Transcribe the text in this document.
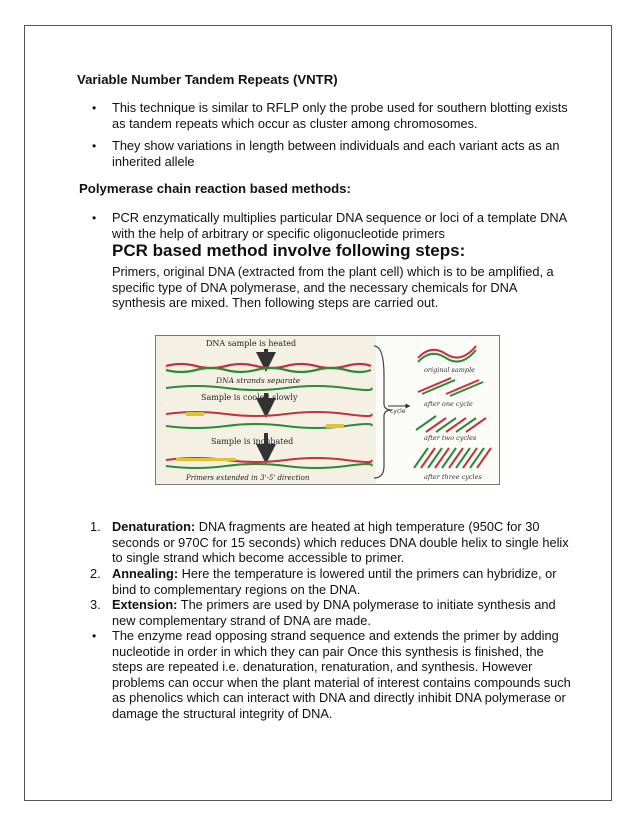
Variable Number Tandem Repeats (VNTR)
• This technique is similar to RFLP only the probe used for southern blotting exists as tandem repeats which occur as cluster among chromosomes.
• They show variations in length between individuals and each variant acts as an inherited allele
Polymerase chain reaction based methods:
• PCR enzymatically multiplies particular DNA sequence or loci of a template DNA with the help of arbitrary or specific oligonucleotide primers
PCR based method involve following steps:
Primers, original DNA (extracted from the plant cell) which is to be amplified, a specific type of DNA polymerase, and the necessary chemicals for DNA synthesis are mixed. Then following steps are carried out.
DNA sample is heated
DNA strands separate
Sample is cooled slowly
Sample is incubated
Primers extended in 3'-5' direction
cycle
original sample
after one cycle
after two cycles
after three cycles
1. Denaturation: DNA fragments are heated at high temperature (950C for 30 seconds or 970C for 15 seconds) which reduces DNA double helix to single helix to single strand which become accessible to primer.
2. Annealing: Here the temperature is lowered until the primers can hybridize, or bind to complementary regions on the DNA.
3. Extension: The primers are used by DNA polymerase to initiate synthesis and new complementary strand of DNA are made.
• The enzyme read opposing strand sequence and extends the primer by adding nucleotide in order in which they can pair Once this synthesis is finished, the steps are repeated i.e. denaturation, renaturation, and synthesis. However problems can occur when the plant material of interest contains compounds such as phenolics which can interact with DNA and directly inhibit DNA polymerase or damage the structural integrity of DNA.
